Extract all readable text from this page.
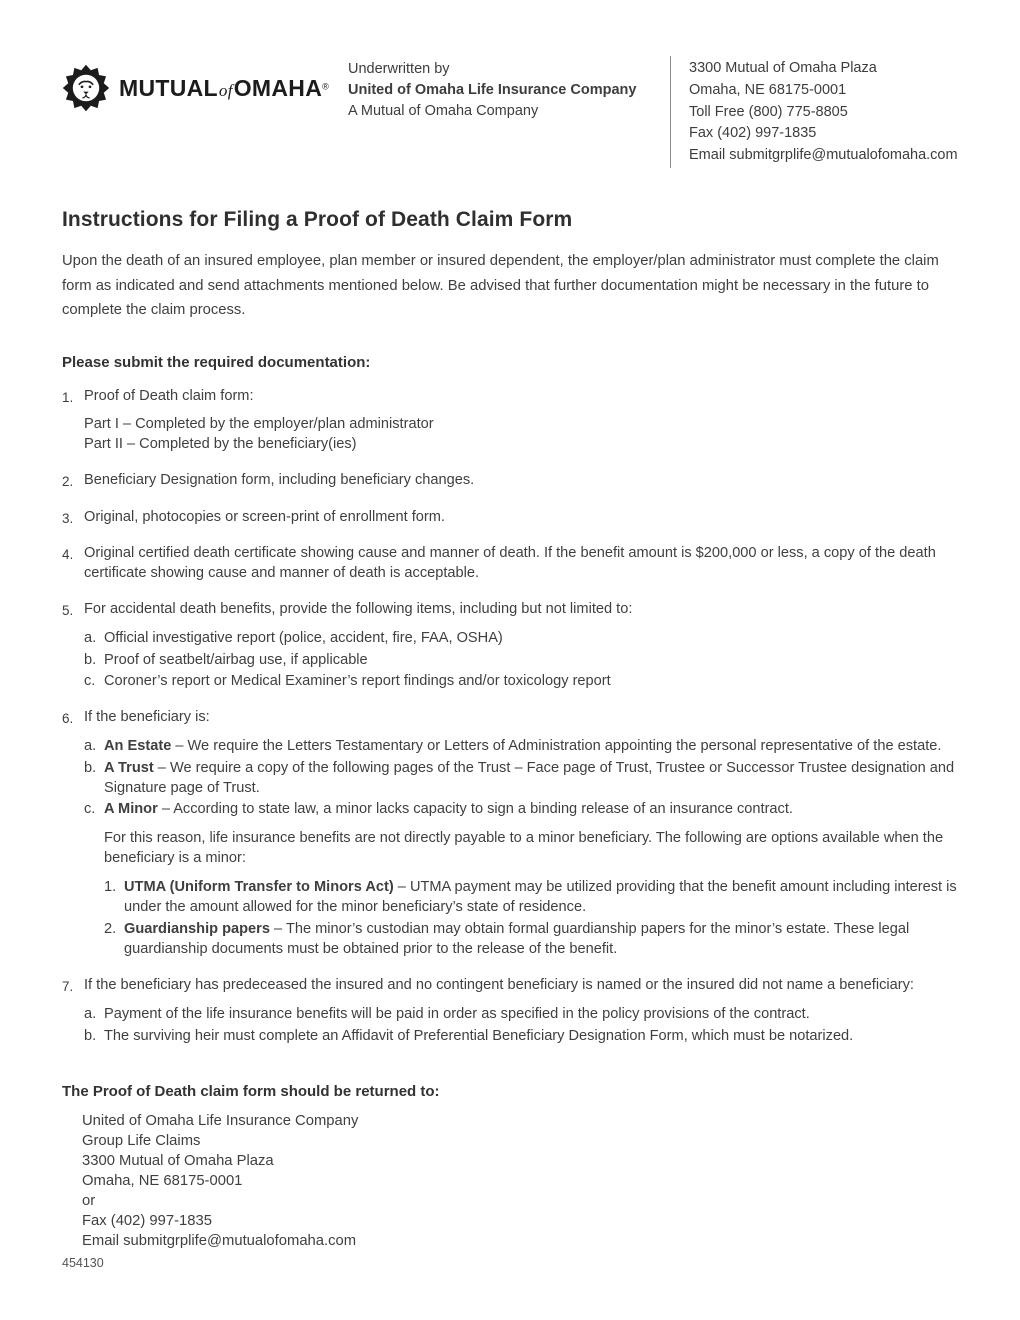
MUTUALofOMAHA®
Underwritten by
United of Omaha Life Insurance Company
A Mutual of Omaha Company
3300 Mutual of Omaha Plaza
Omaha, NE 68175-0001
Toll Free (800) 775-8805
Fax (402) 997-1835
Email submitgrplife@mutualofomaha.com
Instructions for Filing a Proof of Death Claim Form

Upon the death of an insured employee, plan member or insured dependent, the employer/plan administrator must complete the claim form as indicated and send attachments mentioned below. Be advised that further documentation might be necessary in the future to complete the claim process.

Please submit the required documentation:
1. Proof of Death claim form:
Part I – Completed by the employer/plan administrator
Part II – Completed by the beneficiary(ies)
2. Beneficiary Designation form, including beneficiary changes.
3. Original, photocopies or screen-print of enrollment form.
4. Original certified death certificate showing cause and manner of death. If the benefit amount is $200,000 or less, a copy of the death certificate showing cause and manner of death is acceptable.
5. For accidental death benefits, provide the following items, including but not limited to:
a. Official investigative report (police, accident, fire, FAA, OSHA)
b. Proof of seatbelt/airbag use, if applicable
c. Coroner’s report or Medical Examiner’s report findings and/or toxicology report
6. If the beneficiary is:
a. An Estate – We require the Letters Testamentary or Letters of Administration appointing the personal representative of the estate.
b. A Trust – We require a copy of the following pages of the Trust – Face page of Trust, Trustee or Successor Trustee designation and Signature page of Trust.
c. A Minor – According to state law, a minor lacks capacity to sign a binding release of an insurance contract.
For this reason, life insurance benefits are not directly payable to a minor beneficiary. The following are options available when the beneficiary is a minor:
1. UTMA (Uniform Transfer to Minors Act) – UTMA payment may be utilized providing that the benefit amount including interest is under the amount allowed for the minor beneficiary’s state of residence.
2. Guardianship papers – The minor’s custodian may obtain formal guardianship papers for the minor’s estate. These legal guardianship documents must be obtained prior to the release of the benefit.
7. If the beneficiary has predeceased the insured and no contingent beneficiary is named or the insured did not name a beneficiary:
a. Payment of the life insurance benefits will be paid in order as specified in the policy provisions of the contract.
b. The surviving heir must complete an Affidavit of Preferential Beneficiary Designation Form, which must be notarized.
The Proof of Death claim form should be returned to:
United of Omaha Life Insurance Company
Group Life Claims
3300 Mutual of Omaha Plaza
Omaha, NE 68175-0001
or
Fax (402) 997-1835
Email submitgrplife@mutualofomaha.com
454130
